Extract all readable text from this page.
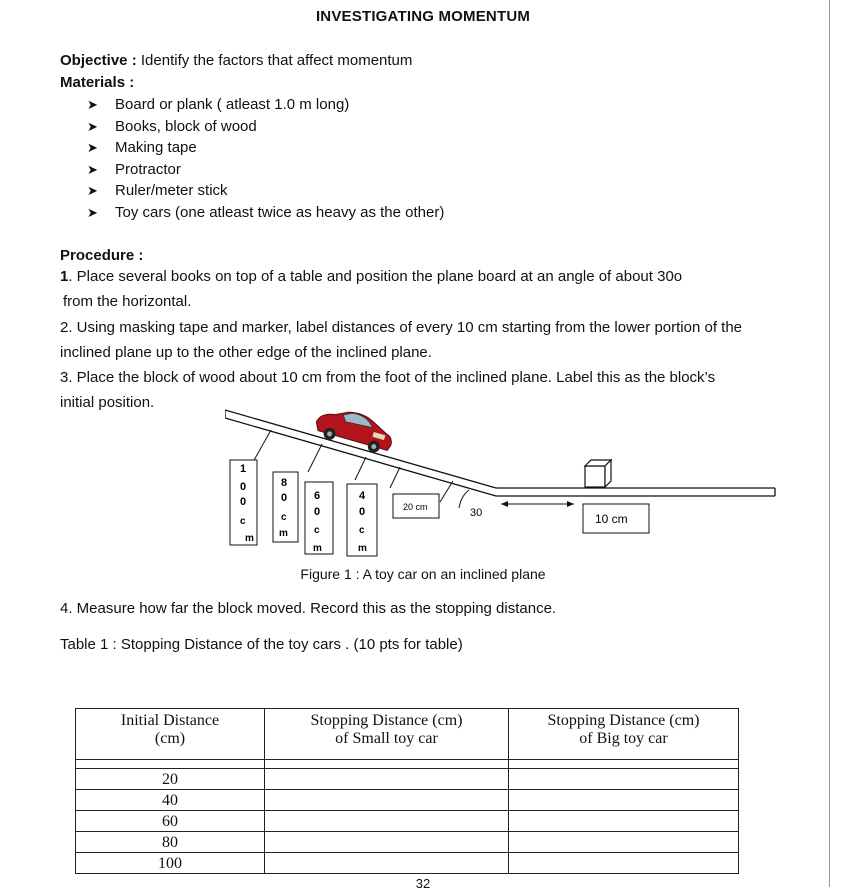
INVESTIGATING MOMENTUM
Objective : Identify the factors that affect momentum
Materials :
➤ Board or plank ( atleast 1.0 m long)
➤ Books, block of wood
➤ Making tape
➤ Protractor
➤ Ruler/meter stick
➤ Toy cars (one atleast twice as heavy as the other)
Procedure :
1. Place several books on top of a table and position the plane board at an angle of about 30o
from the horizontal.
2. Using masking tape and marker, label distances of every 10 cm starting from the lower portion of the
inclined plane up to the other edge of the inclined plane.
3. Place the block of wood about 10 cm from the foot of the inclined plane. Label this as the block’s
initial position.
1
0
0
c
m
8
0
c
m
6
0
c
m
4
0
c
m
20 cm	30	10 cm
Figure 1 : A toy car on an inclined plane
4. Measure how far the block moved. Record this as the stopping distance.
Table 1 : Stopping Distance of the toy cars . (10 pts for table)
Initial Distance
(cm)	Stopping Distance (cm)
of Small toy car	Stopping Distance (cm)
of Big toy car

20		
40		
60		
80		
100		
32
